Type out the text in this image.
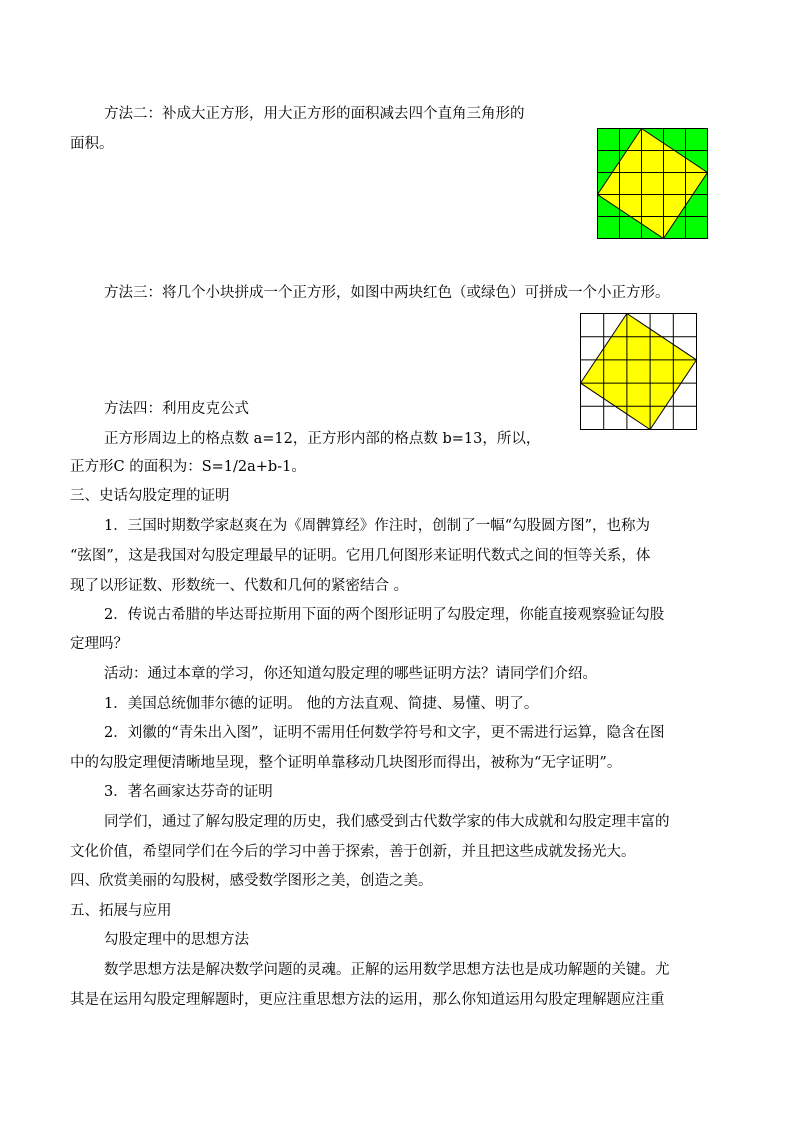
方法二：补成大正方形，用大正方形的面积减去四个直角三角形的
面积。
方法三：将几个小块拼成一个正方形，如图中两块红色（或绿色）可拼成一个小正方形。
方法四：利用皮克公式
正方形周边上的格点数 a=12，正方形内部的格点数 b=13，所以，
正方形C 的面积为：S=1/2a+b-1。
三、史话勾股定理的证明
1．三国时期数学家赵爽在为《周髀算经》作注时，创制了一幅“勾股圆方图”，也称为
“弦图”，这是我国对勾股定理最早的证明。它用几何图形来证明代数式之间的恒等关系，体
现了以形证数、形数统一、代数和几何的紧密结合 。
2．传说古希腊的毕达哥拉斯用下面的两个图形证明了勾股定理，你能直接观察验证勾股
定理吗？
活动：通过本章的学习，你还知道勾股定理的哪些证明方法？请同学们介绍。
1．美国总统伽菲尔德的证明。 他的方法直观、简捷、易懂、明了。
2．刘徽的“青朱出入图”，证明不需用任何数学符号和文字，更不需进行运算，隐含在图
中的勾股定理便清晰地呈现，整个证明单靠移动几块图形而得出，被称为“无字证明”。
3．著名画家达芬奇的证明
同学们，通过了解勾股定理的历史，我们感受到古代数学家的伟大成就和勾股定理丰富的
文化价值，希望同学们在今后的学习中善于探索，善于创新，并且把这些成就发扬光大。
四、欣赏美丽的勾股树，感受数学图形之美，创造之美。
五、拓展与应用
勾股定理中的思想方法
数学思想方法是解决数学问题的灵魂。正解的运用数学思想方法也是成功解题的关键。尤
其是在运用勾股定理解题时，更应注重思想方法的运用，那么你知道运用勾股定理解题应注重
